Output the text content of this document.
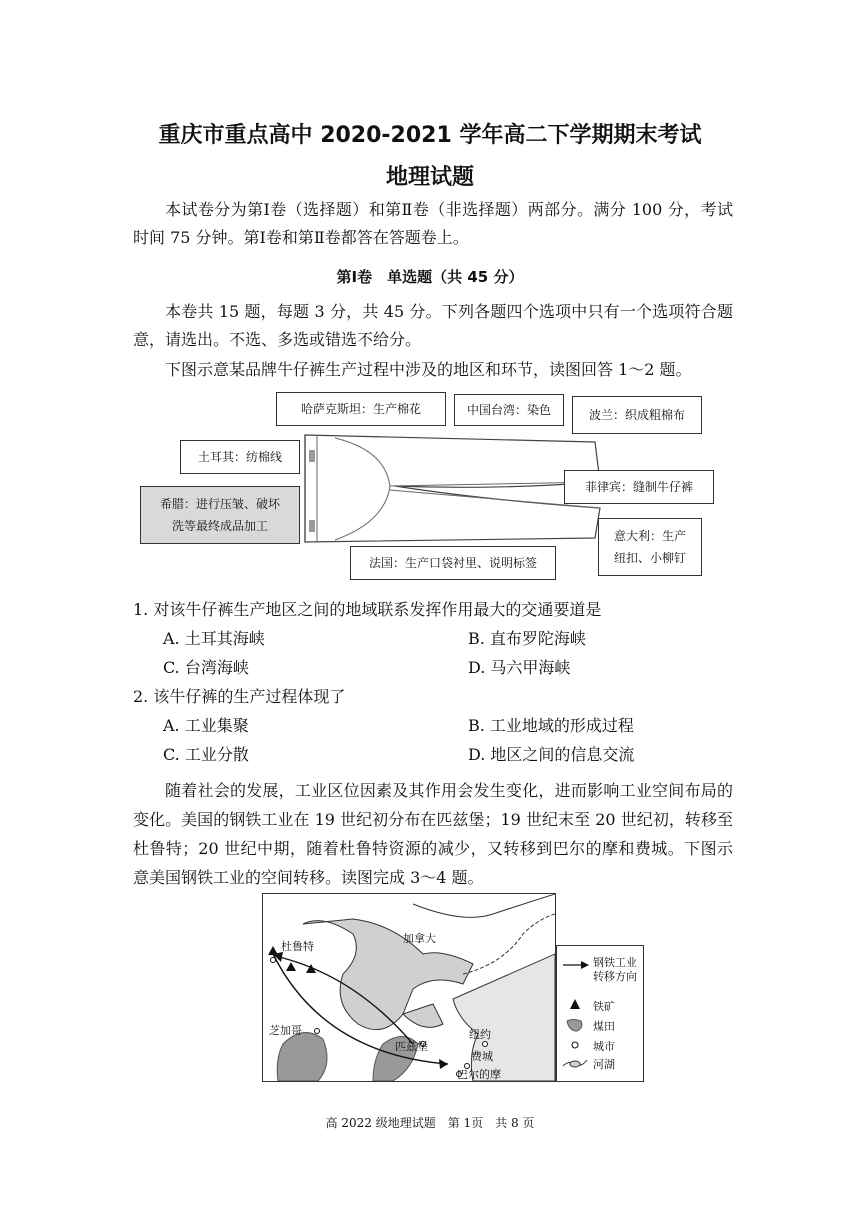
重庆市重点高中 2020-2021 学年高二下学期期末考试
地理试题
本试卷分为第Ⅰ卷（选择题）和第Ⅱ卷（非选择题）两部分。满分 100 分，考试时间 75 分钟。第Ⅰ卷和第Ⅱ卷都答在答题卷上。
第Ⅰ卷　单选题（共 45 分）
本卷共 15 题，每题 3 分，共 45 分。下列各题四个选项中只有一个选项符合题意，请选出。不选、多选或错选不给分。
下图示意某品牌牛仔裤生产过程中涉及的地区和环节，读图回答 1～2 题。
哈萨克斯坦：生产棉花	中国台湾：染色	波兰：织成粗棉布
土耳其：纺棉线
希腊：进行压皱、破坏
洗等最终成品加工
菲律宾：缝制牛仔裤
意大利：生产
纽扣、小柳钉
法国：生产口袋衬里、说明标签
1. 对该牛仔裤生产地区之间的地域联系发挥作用最大的交通要道是
A. 土耳其海峡	B. 直布罗陀海峡
C. 台湾海峡	D. 马六甲海峡
2. 该牛仔裤的生产过程体现了
A. 工业集聚	B. 工业地域的形成过程
C. 工业分散	D. 地区之间的信息交流
随着社会的发展，工业区位因素及其作用会发生变化，进而影响工业空间布局的变化。美国的钢铁工业在 19 世纪初分布在匹兹堡；19 世纪末至 20 世纪初，转移至杜鲁特；20 世纪中期，随着杜鲁特资源的减少，又转移到巴尔的摩和费城。下图示意美国钢铁工业的空间转移。读图完成 3～4 题。
加拿大
杜鲁特
芝加哥
匹兹堡
纽约
费城
巴尔的摩
钢铁工业
转移方向
铁矿
煤田
城市
河湖
高 2022 级地理试题　第 1页　共 8 页
